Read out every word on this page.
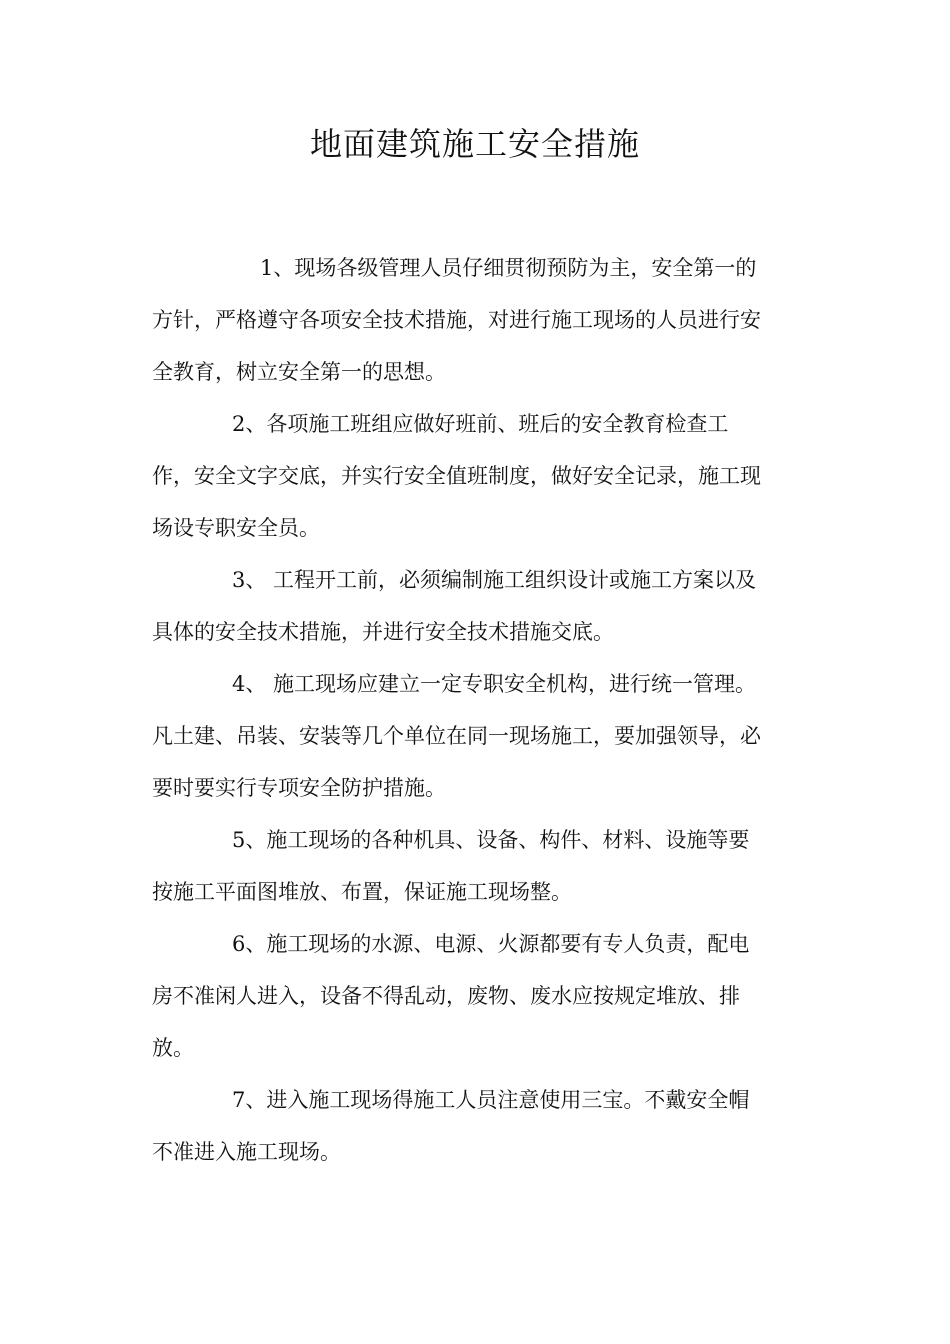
地面建筑施工安全措施
1、现场各级管理人员仔细贯彻预防为主，安全第一的
方针，严格遵守各项安全技术措施，对进行施工现场的人员进行安
全教育，树立安全第一的思想。
2、各项施工班组应做好班前、班后的安全教育检查工
作，安全文字交底，并实行安全值班制度，做好安全记录，施工现
场设专职安全员。
3、 工程开工前，必须编制施工组织设计或施工方案以及
具体的安全技术措施，并进行安全技术措施交底。
4、 施工现场应建立一定专职安全机构，进行统一管理。
凡土建、吊装、安装等几个单位在同一现场施工，要加强领导，必
要时要实行专项安全防护措施。
5、施工现场的各种机具、设备、构件、材料、设施等要
按施工平面图堆放、布置，保证施工现场整。
6、施工现场的水源、电源、火源都要有专人负责，配电
房不准闲人进入，设备不得乱动，废物、废水应按规定堆放、排
放。
7、进入施工现场得施工人员注意使用三宝。不戴安全帽
不准进入施工现场。
